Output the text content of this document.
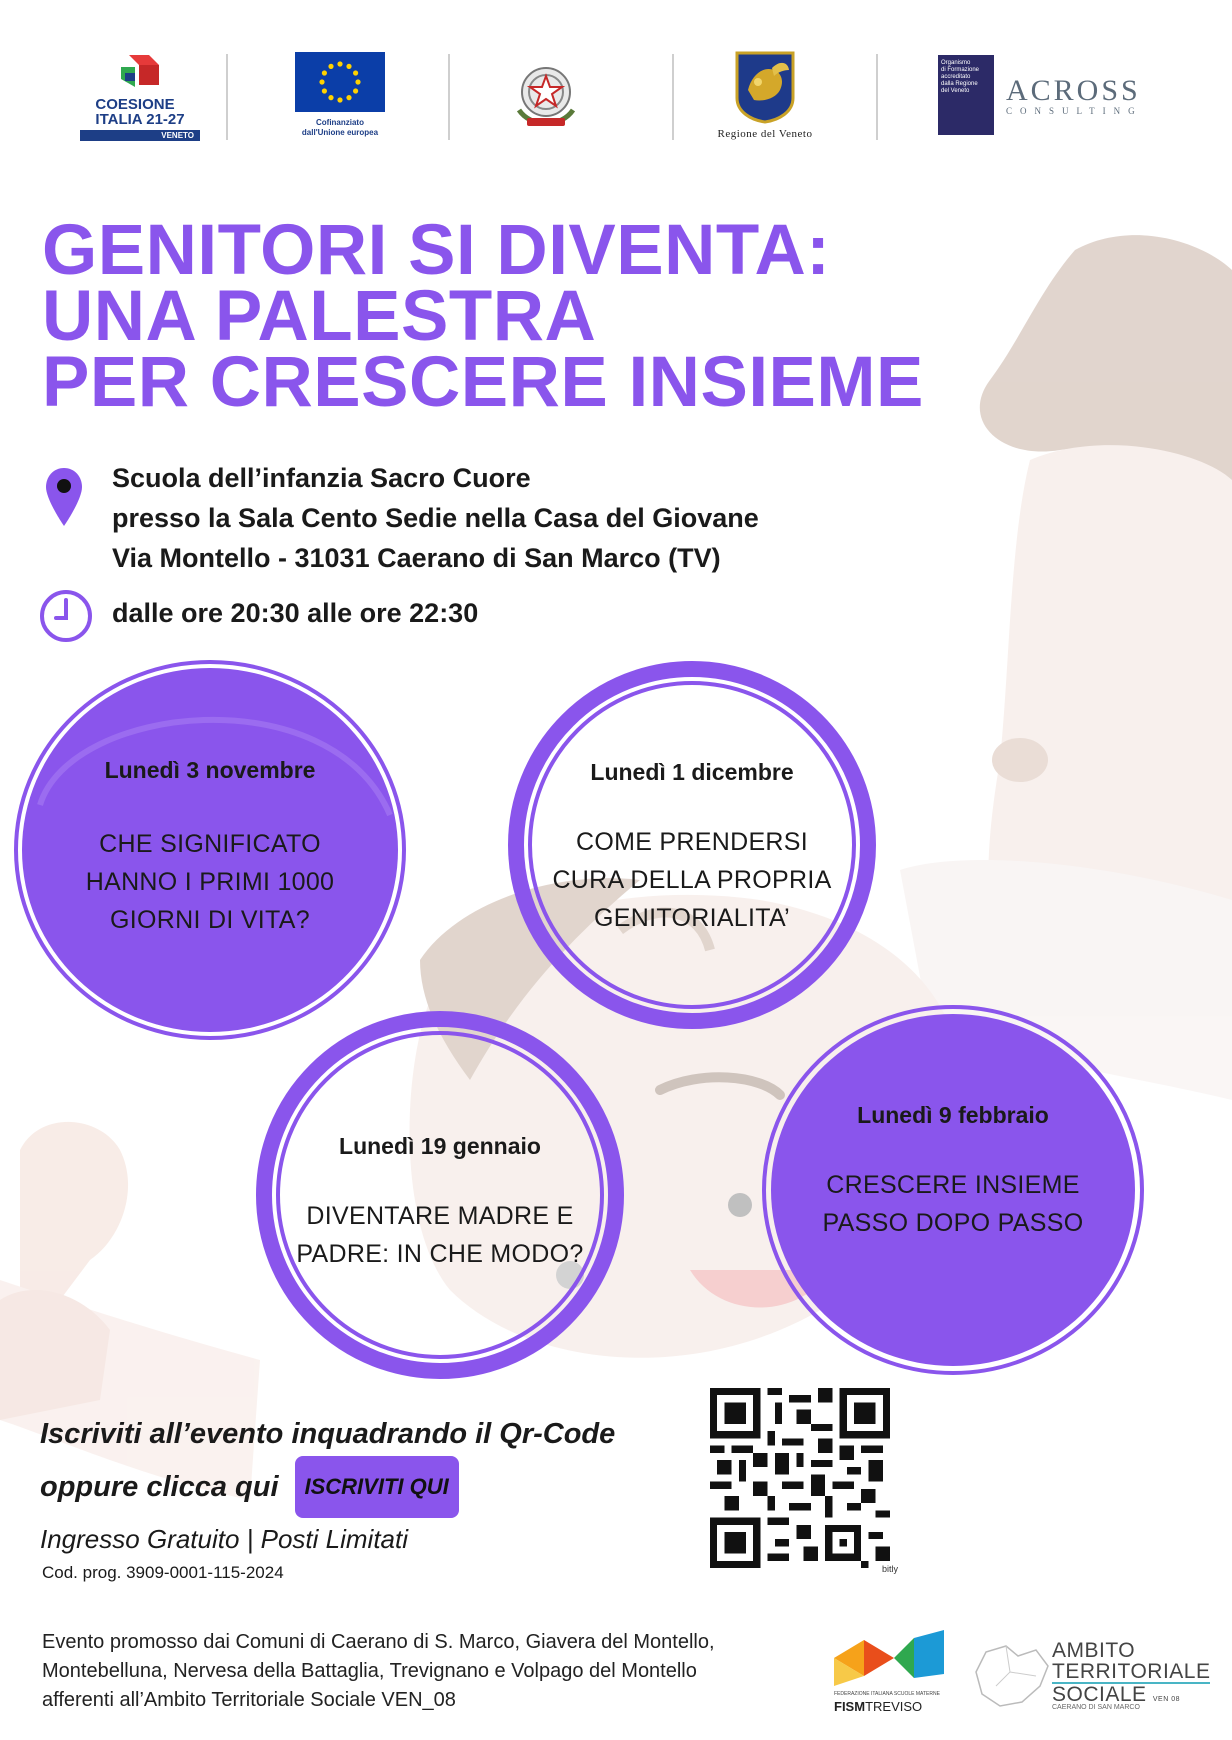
COESIONE
ITALIA 21-27
VENETO
Cofinanziato
dall'Unione europea	Regione del Veneto
Organismo
di Formazione
accreditato
dalla Regione
del Veneto	ACROSS
CONSULTING
GENITORI SI DIVENTA:
UNA PALESTRA
PER CRESCERE INSIEME
Scuola dell’infanzia Sacro Cuore
presso la Sala Cento Sedie nella Casa del Giovane
Via Montello - 31031 Caerano di San Marco (TV)
dalle ore 20:30 alle ore 22:30
Lunedì 3 novembre
CHE SIGNIFICATO
HANNO I PRIMI 1000
GIORNI DI VITA?
Lunedì 1 dicembre
COME PRENDERSI
CURA DELLA PROPRIA
GENITORIALITA’
Lunedì 19 gennaio
DIVENTARE MADRE E
PADRE: IN CHE MODO?
Lunedì 9 febbraio
CRESCERE INSIEME
PASSO DOPO PASSO
Iscriviti all’evento inquadrando il Qr-Code
oppure clicca qui	ISCRIVITI QUI
Ingresso Gratuito | Posti Limitati
Cod. prog. 3909-0001-115-2024	bitly
Evento promosso dai Comuni di Caerano di S. Marco, Giavera del Montello,
Montebelluna, Nervesa della Battaglia, Trevignano e Volpago del Montello
afferenti all’Ambito Territoriale Sociale VEN_08	FEDERAZIONE ITALIANA SCUOLE MATERNE
FISMTREVISO
AMBITO
TERRITORIALE
SOCIALE VEN 08
CAERANO DI SAN MARCO
